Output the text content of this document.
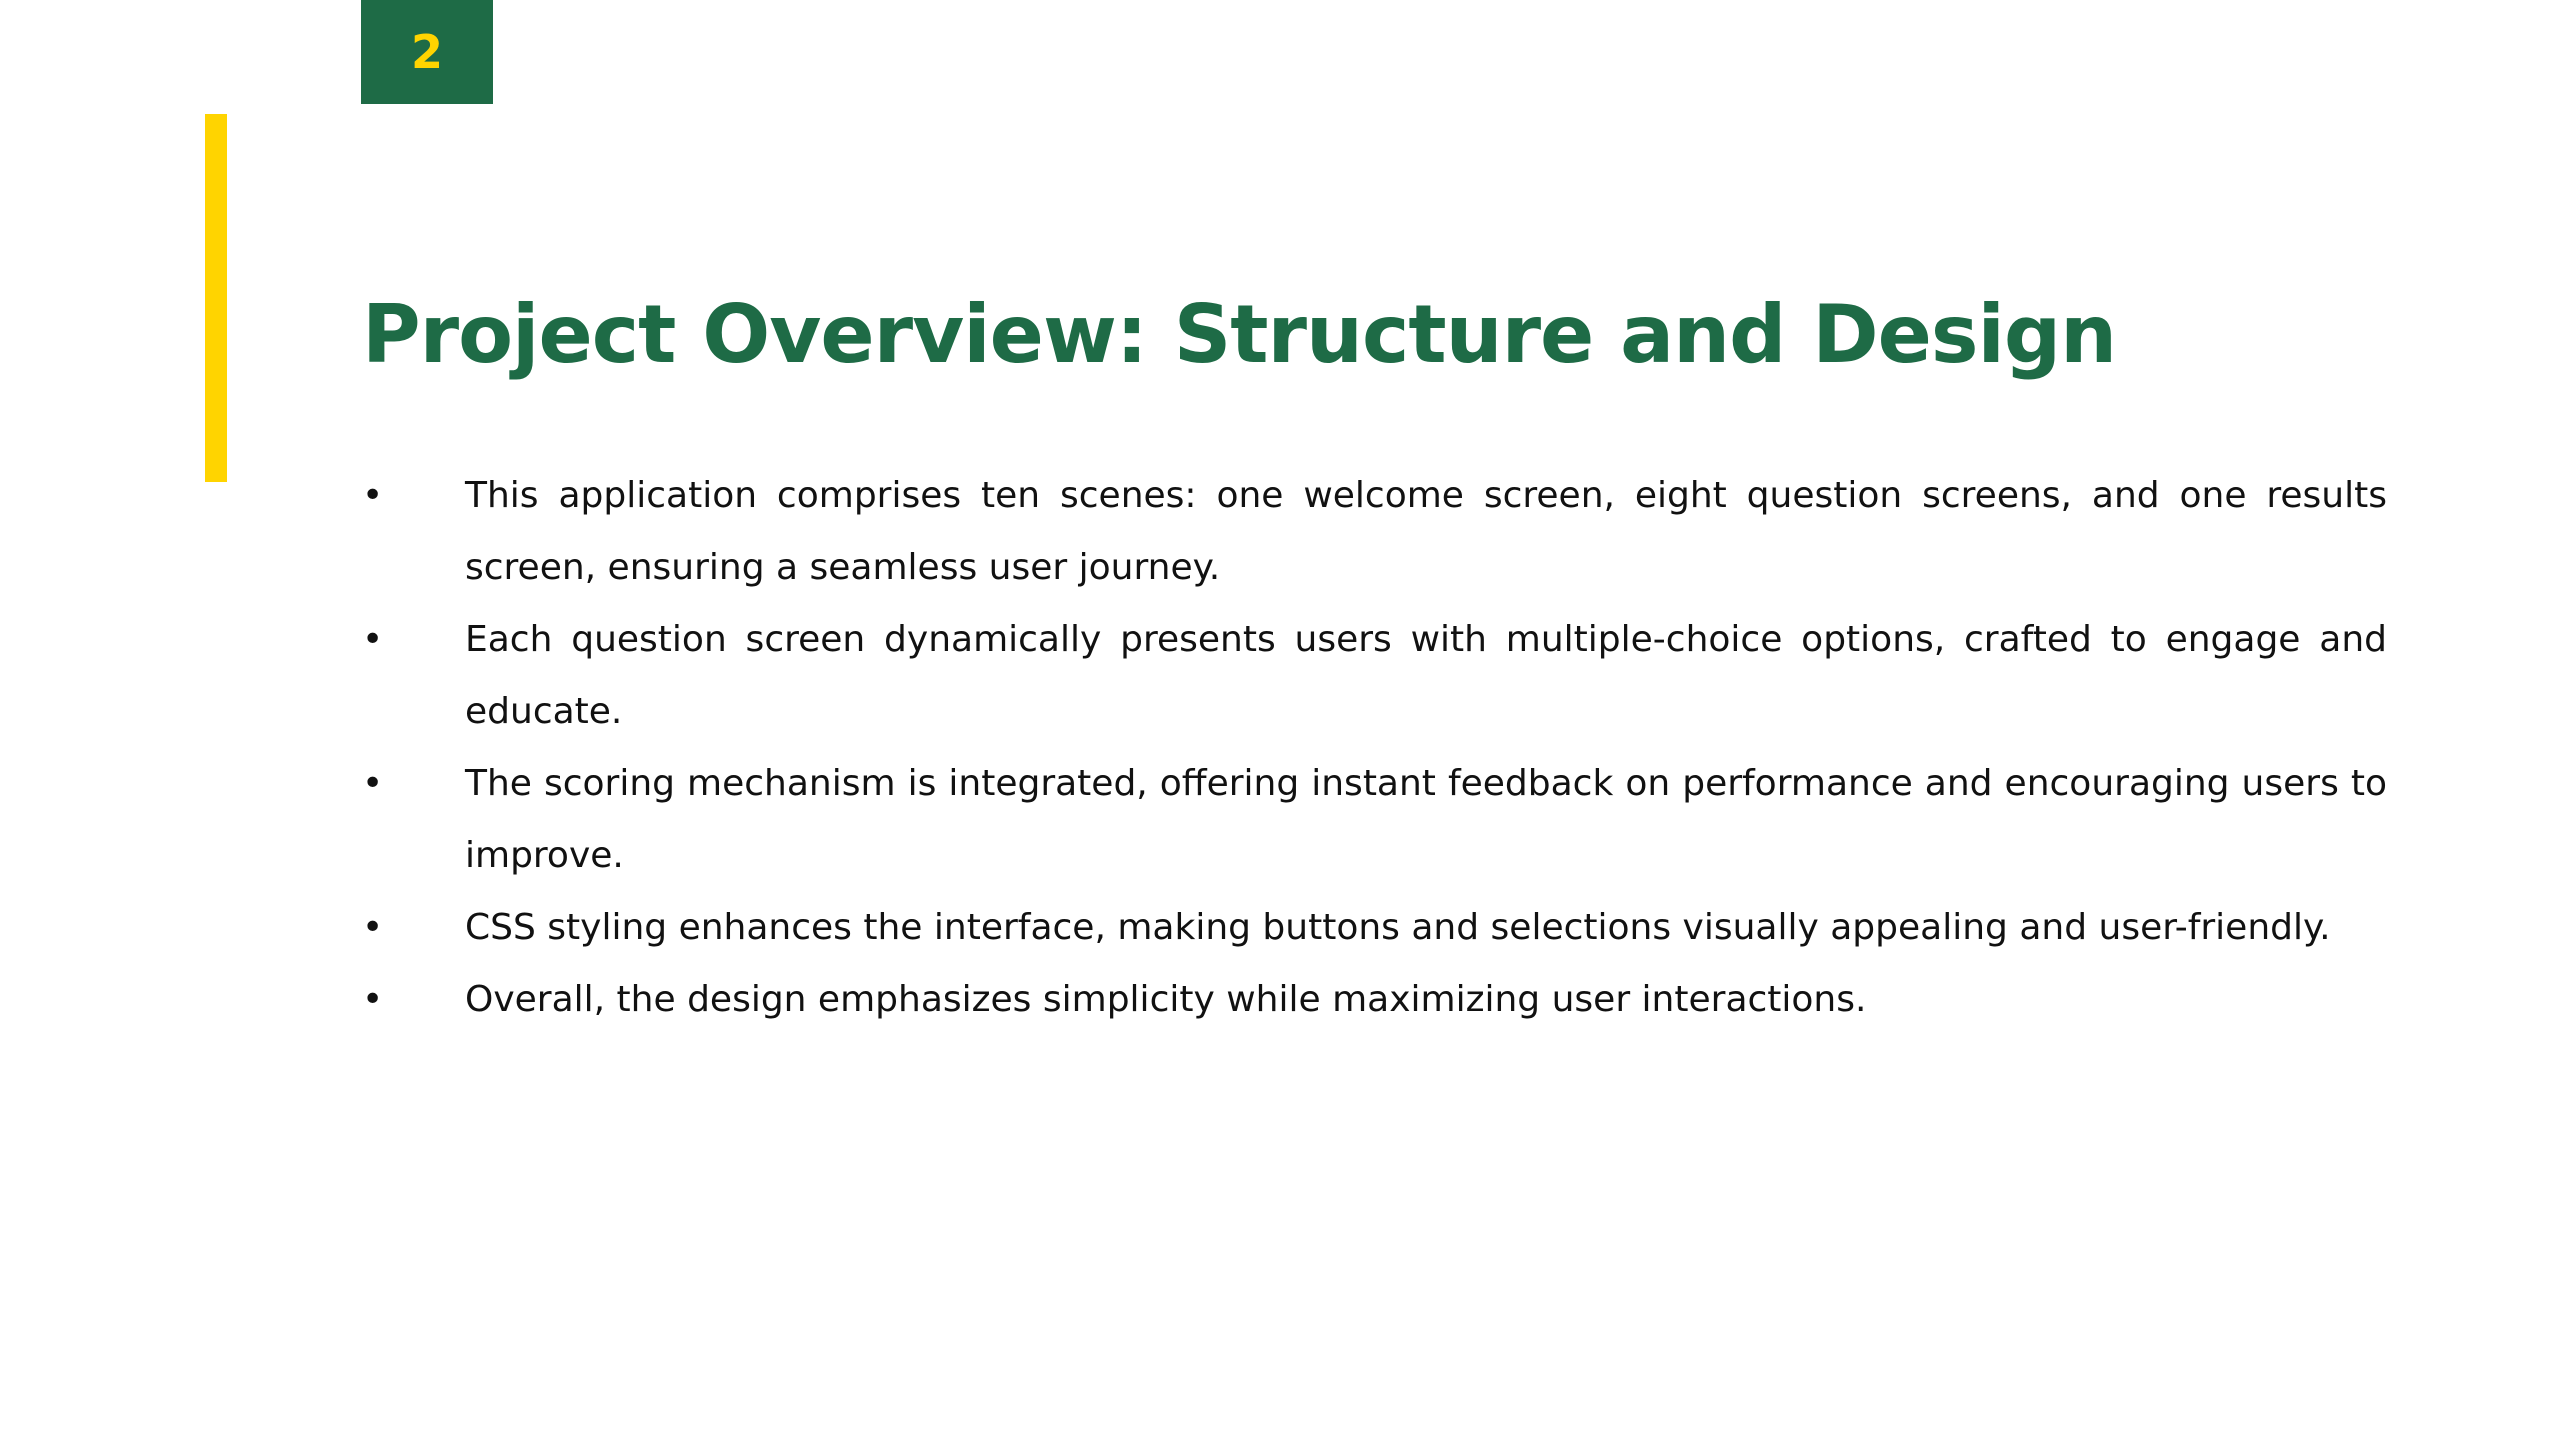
2
Project Overview: Structure and Design
• This application comprises ten scenes: one welcome screen, eight question screens, and one results screen, ensuring a seamless user journey.
• Each question screen dynamically presents users with multiple-choice options, crafted to engage and educate.
• The scoring mechanism is integrated, offering instant feedback on performance and encouraging users to improve.
• CSS styling enhances the interface, making buttons and selections visually appealing and user-friendly.
• Overall, the design emphasizes simplicity while maximizing user interactions.
